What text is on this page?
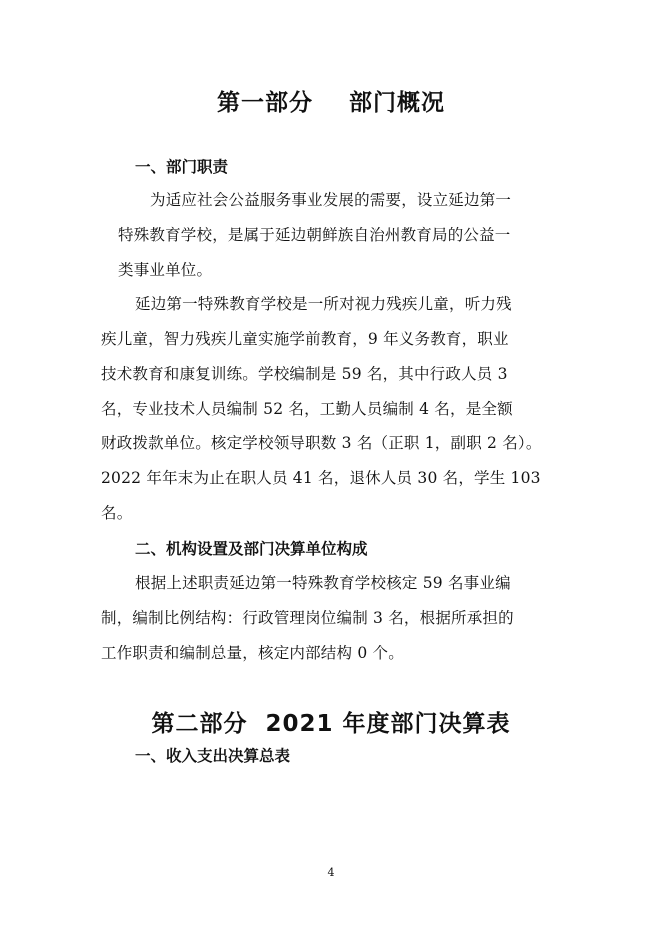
第一部分    部门概况
一、部门职责
为适应社会公益服务事业发展的需要，设立延边第一
特殊教育学校，是属于延边朝鲜族自治州教育局的公益一
类事业单位。
延边第一特殊教育学校是一所对视力残疾儿童，听力残
疾儿童，智力残疾儿童实施学前教育，9 年义务教育，职业
技术教育和康复训练。学校编制是 59 名，其中行政人员 3
名，专业技术人员编制 52 名，工勤人员编制 4 名，是全额
财政拨款单位。核定学校领导职数 3 名（正职 1，副职 2 名）。
2022 年年末为止在职人员 41 名，退休人员 30 名，学生 103
名。
二、机构设置及部门决算单位构成
根据上述职责延边第一特殊教育学校核定 59 名事业编
制，编制比例结构：行政管理岗位编制 3 名，根据所承担的
工作职责和编制总量，核定内部结构 0 个。
第二部分  2021 年度部门决算表
一、收入支出决算总表
4
